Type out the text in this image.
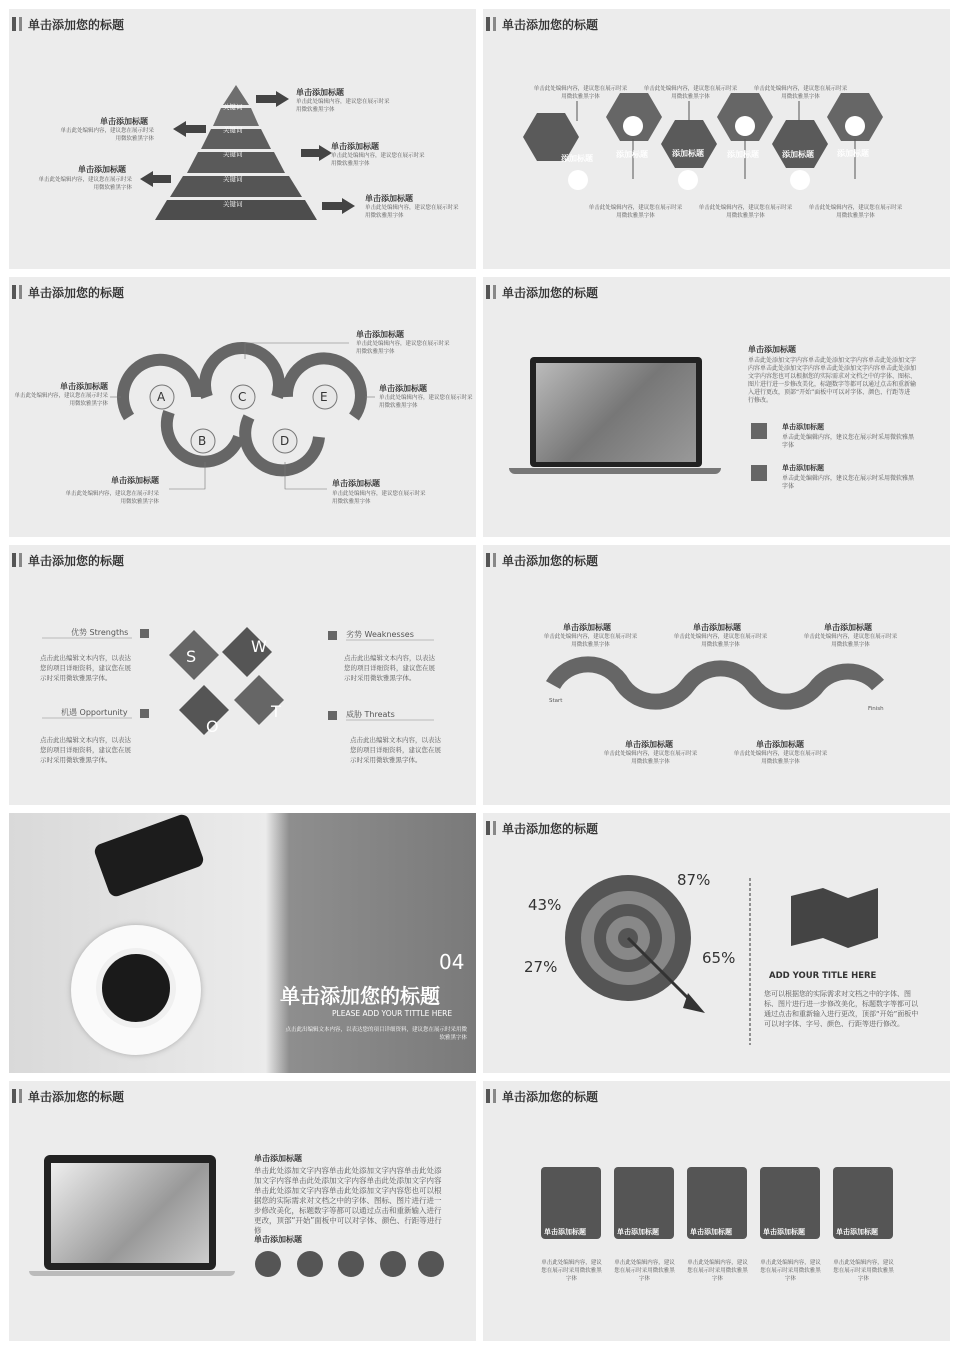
单击添加您的标题
关键词
关键词
关键词
关键词
关键词
单击添加标题
单击此处编辑内容，建议您在展示时采用微软雅黑字体
单击添加标题
单击此处编辑内容，建议您在展示时采用微软雅黑字体
单击添加标题
单击此处编辑内容，建议您在展示时采用微软雅黑字体
单击添加标题
单击此处编辑内容，建议您在展示时采用微软雅黑字体
单击添加标题
单击此处编辑内容，建议您在展示时采用微软雅黑字体
单击添加您的标题
添加标题	添加标题	添加标题	添加标题	添加标题	添加标题
单击此处编辑内容，建议您在展示时采用微软雅黑字体
单击此处编辑内容，建议您在展示时采用微软雅黑字体
单击此处编辑内容，建议您在展示时采用微软雅黑字体
单击此处编辑内容，建议您在展示时采用微软雅黑字体
单击此处编辑内容，建议您在展示时采用微软雅黑字体
单击此处编辑内容，建议您在展示时采用微软雅黑字体
单击添加您的标题
A
B
C
D
E
单击添加标题
单击此处编辑内容，建议您在展示时采用微软雅黑字体
单击添加标题
单击此处编辑内容，建议您在展示时采用微软雅黑字体
单击添加标题
单击此处编辑内容，建议您在展示时采用微软雅黑字体
单击添加标题
单击此处编辑内容，建议您在展示时采用微软雅黑字体
单击添加标题
单击此处编辑内容，建议您在展示时采用微软雅黑字体
单击添加您的标题
单击添加标题
单击此处添加文字内容单击此处添加文字内容单击此处添加文字内容单击此处添加文字内容单击此处添加文字内容单击此处添加文字内容您也可以根据您的实际需求对文档之中的字体、图标、图片进行进一步修改美化，标题数字等都可以通过点击和重新输入进行更改，顶部“开始”面板中可以对字体、颜色、行距等进行修改。
单击添加标题
单击此处编辑内容，建议您在展示时采用微软雅黑字体
单击添加标题
单击此处编辑内容，建议您在展示时采用微软雅黑字体
单击添加您的标题
S
W
O
T
优势 Strengths
点击此出编辑文本内容，以表达您的项目详细资料，建议您在展示时采用微软雅黑字体。
劣势 Weaknesses
点击此出编辑文本内容，以表达您的项目详细资料，建议您在展示时采用微软雅黑字体。
机遇 Opportunity
点击此出编辑文本内容，以表达您的项目详细资料，建议您在展示时采用微软雅黑字体。
威胁 Threats
点击此出编辑文本内容，以表达您的项目详细资料，建议您在展示时采用微软雅黑字体。
单击添加您的标题
Start
Finish
单击添加标题
单击此处编辑内容，建议您在展示时采用微软雅黑字体
单击添加标题
单击此处编辑内容，建议您在展示时采用微软雅黑字体
单击添加标题
单击此处编辑内容，建议您在展示时采用微软雅黑字体
单击添加标题
单击此处编辑内容，建议您在展示时采用微软雅黑字体
单击添加标题
单击此处编辑内容，建议您在展示时采用微软雅黑字体
04
单击添加您的标题
PLEASE ADD YOUR TITTLE HERE
点击此出编辑文本内容，以表达您的项目详细资料，建议您在展示时采用微软雅黑字体
单击添加您的标题
87%
43%
27%	65%
ADD YOUR TITLE HERE
您可以根据您的实际需求对文档之中的字体、图标、图片进行进一步修改美化，标题数字等都可以通过点击和重新输入进行更改，顶部“开始”面板中可以对字体、字号、颜色、行距等进行修改。
单击添加您的标题
单击添加标题
单击此处添加文字内容单击此处添加文字内容单击此处添加文字内容单击此处添加文字内容单击此处添加文字内容单击此处添加文字内容单击此处添加文字内容您也可以根据您的实际需求对文档之中的字体、图标、图片进行进一步修改美化，标题数字等都可以通过点击和重新输入进行更改，顶部“开始”面板中可以对字体、颜色、行距等进行修
单击添加标题
单击添加您的标题
单击添加标题	单击添加标题	单击添加标题	单击添加标题	单击添加标题
单击此处编辑内容，建议您在展示时采用微软雅黑字体
单击此处编辑内容，建议您在展示时采用微软雅黑字体
单击此处编辑内容，建议您在展示时采用微软雅黑字体
单击此处编辑内容，建议您在展示时采用微软雅黑字体
单击此处编辑内容，建议您在展示时采用微软雅黑字体
